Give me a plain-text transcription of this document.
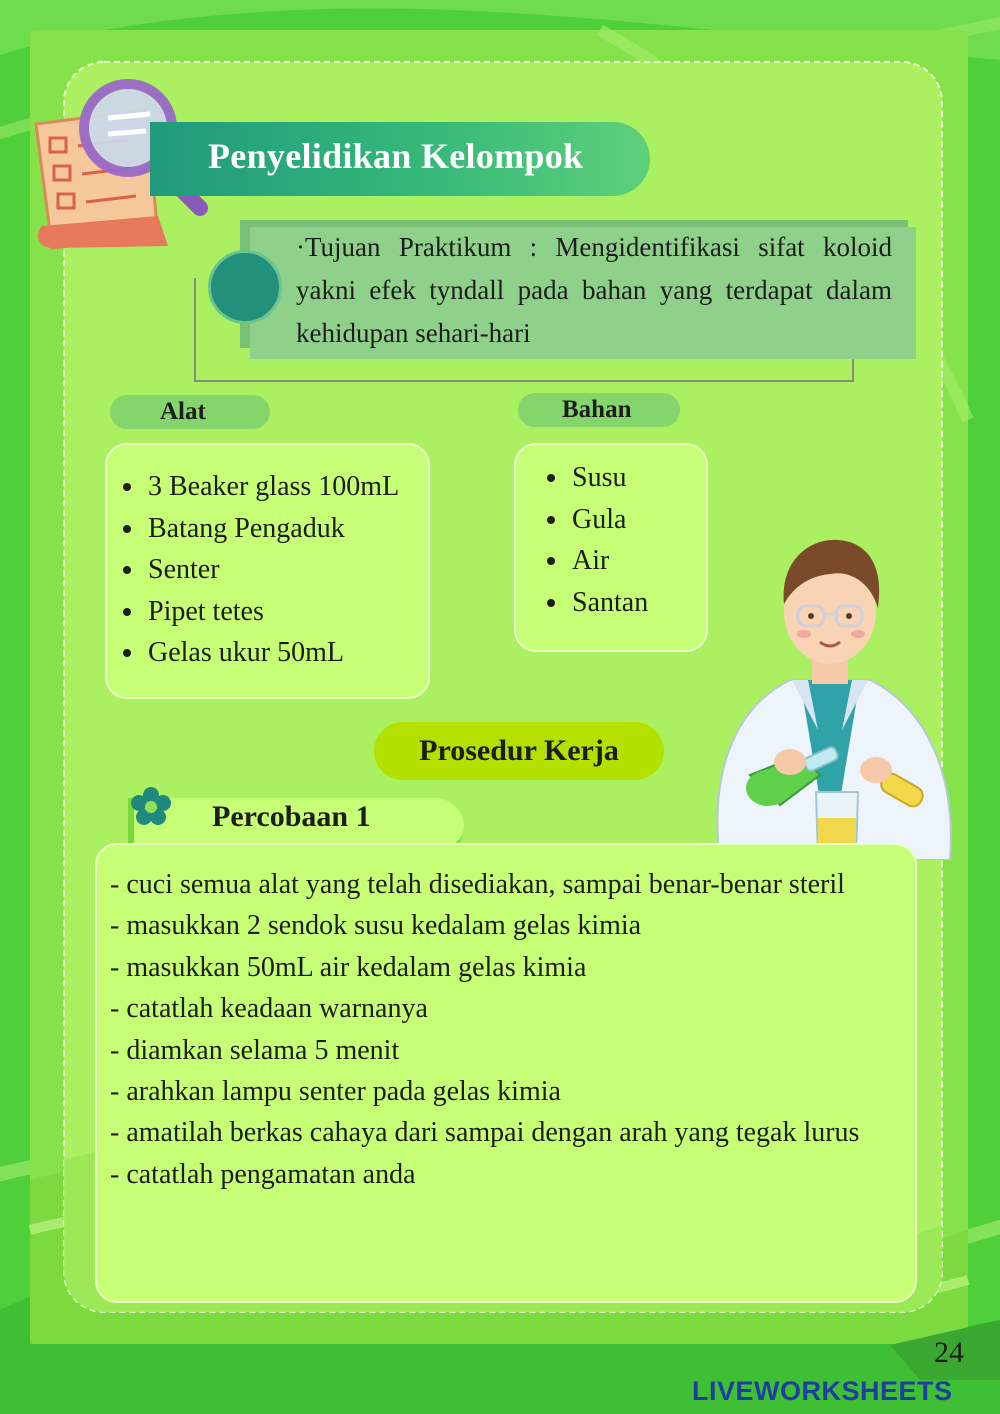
Penyelidikan Kelompok
·Tujuan Praktikum : Mengidentifikasi sifat koloid yakni efek tyndall pada bahan yang terdapat dalam kehidupan sehari-hari
Alat
• 3 Beaker glass 100mL
• Batang Pengaduk
• Senter
• Pipet tetes
• Gelas ukur 50mL
Bahan
• Susu
• Gula
• Air
• Santan
Prosedur Kerja
Percobaan 1
- cuci semua alat yang telah disediakan, sampai benar-benar steril
- masukkan 2 sendok susu kedalam gelas kimia
- masukkan 50mL air kedalam gelas kimia
- catatlah keadaan warnanya
- diamkan selama 5 menit
- arahkan lampu senter pada gelas kimia
- amatilah berkas cahaya dari sampai dengan arah yang tegak lurus
- catatlah pengamatan anda
24
LIVEWORKSHEETS
